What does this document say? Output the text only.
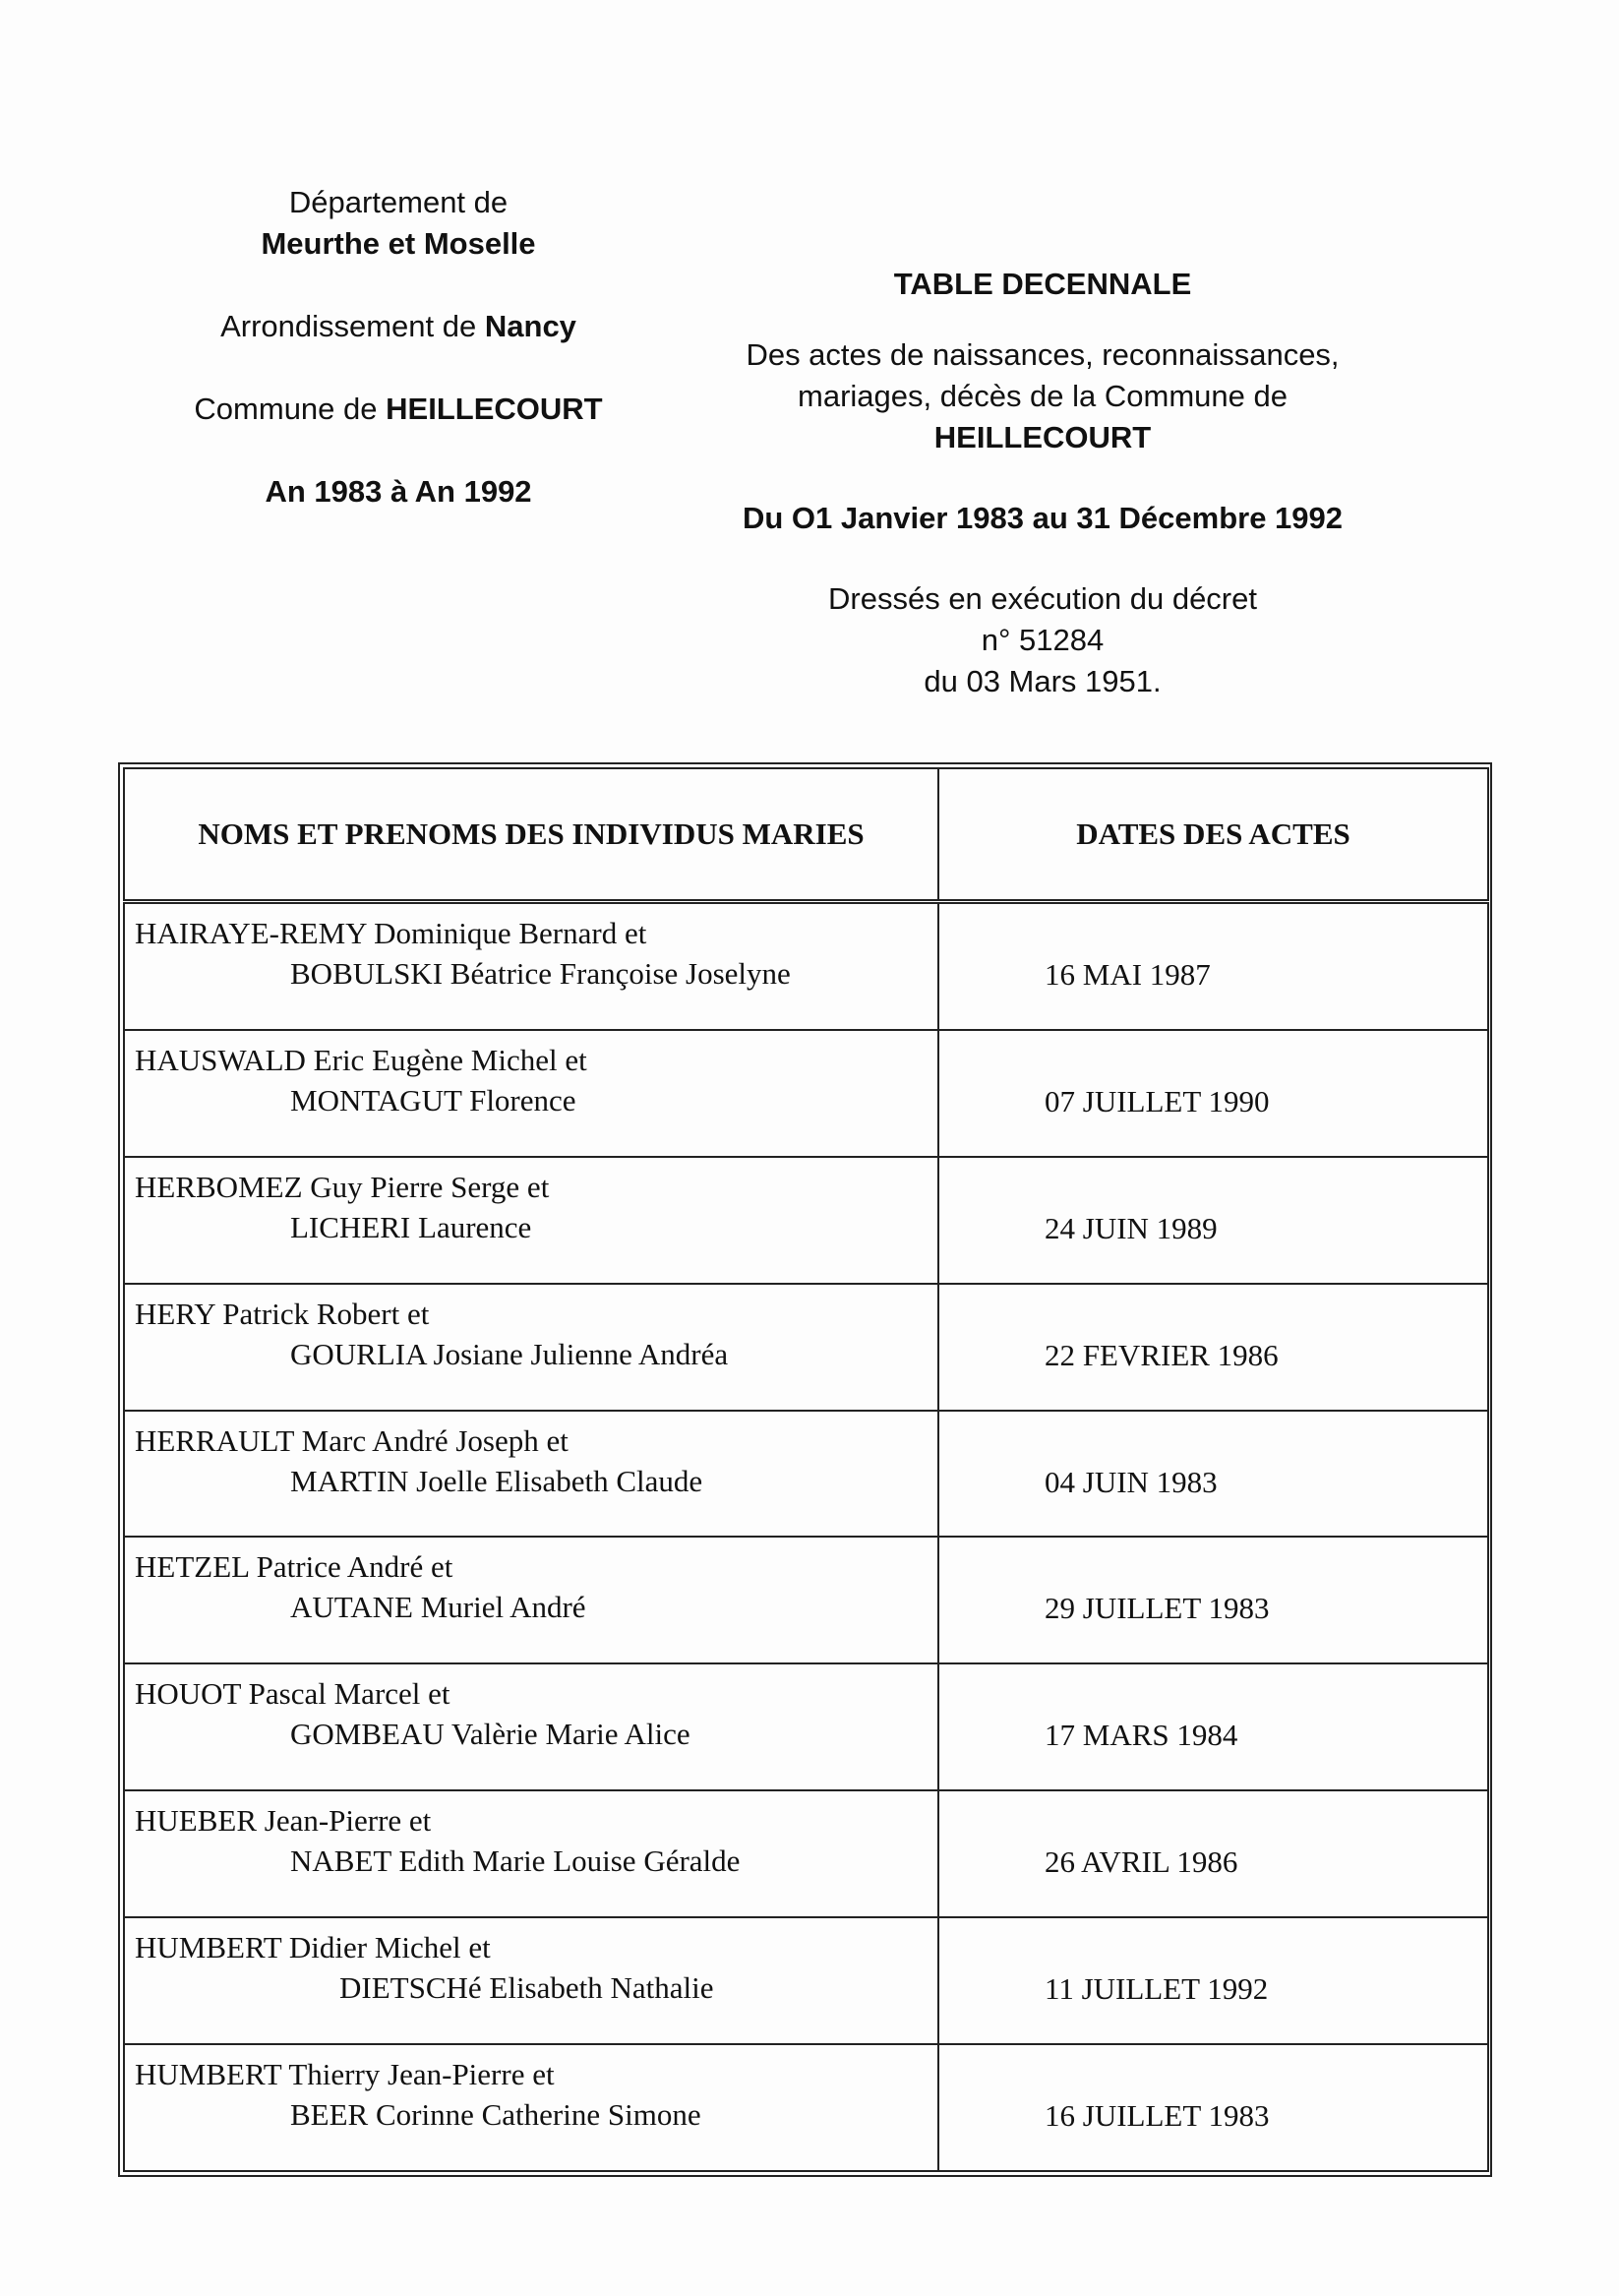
Département de
Meurthe et Moselle
Arrondissement de Nancy
Commune de HEILLECOURT
An 1983 à An 1992
TABLE DECENNALE
Des actes de naissances, reconnaissances,
mariages, décès de la Commune de
HEILLECOURT
Du O1 Janvier 1983 au 31 Décembre 1992
Dressés en exécution du décret
n° 51284
du 03 Mars 1951.
NOMS ET PRENOMS DES INDIVIDUS MARIES	DATES DES ACTES

HAIRAYE-REMY Dominique Bernard et
BOBULSKI Béatrice Françoise Joselyne	16 MAI 1987

HAUSWALD Eric Eugène Michel et
MONTAGUT Florence	07 JUILLET 1990

HERBOMEZ Guy Pierre Serge et
LICHERI Laurence	24 JUIN 1989

HERY Patrick Robert et
GOURLIA Josiane Julienne Andréa	22 FEVRIER 1986

HERRAULT Marc André Joseph et
MARTIN Joelle Elisabeth Claude	04 JUIN 1983

HETZEL Patrice André et
AUTANE Muriel André	29 JUILLET 1983

HOUOT Pascal Marcel et
GOMBEAU Valèrie Marie Alice	17 MARS 1984

HUEBER Jean-Pierre et
NABET Edith Marie Louise Géralde	26 AVRIL 1986

HUMBERT Didier Michel et
DIETSCHé Elisabeth Nathalie	11 JUILLET 1992

HUMBERT Thierry Jean-Pierre et
BEER Corinne Catherine Simone	16 JUILLET 1983
